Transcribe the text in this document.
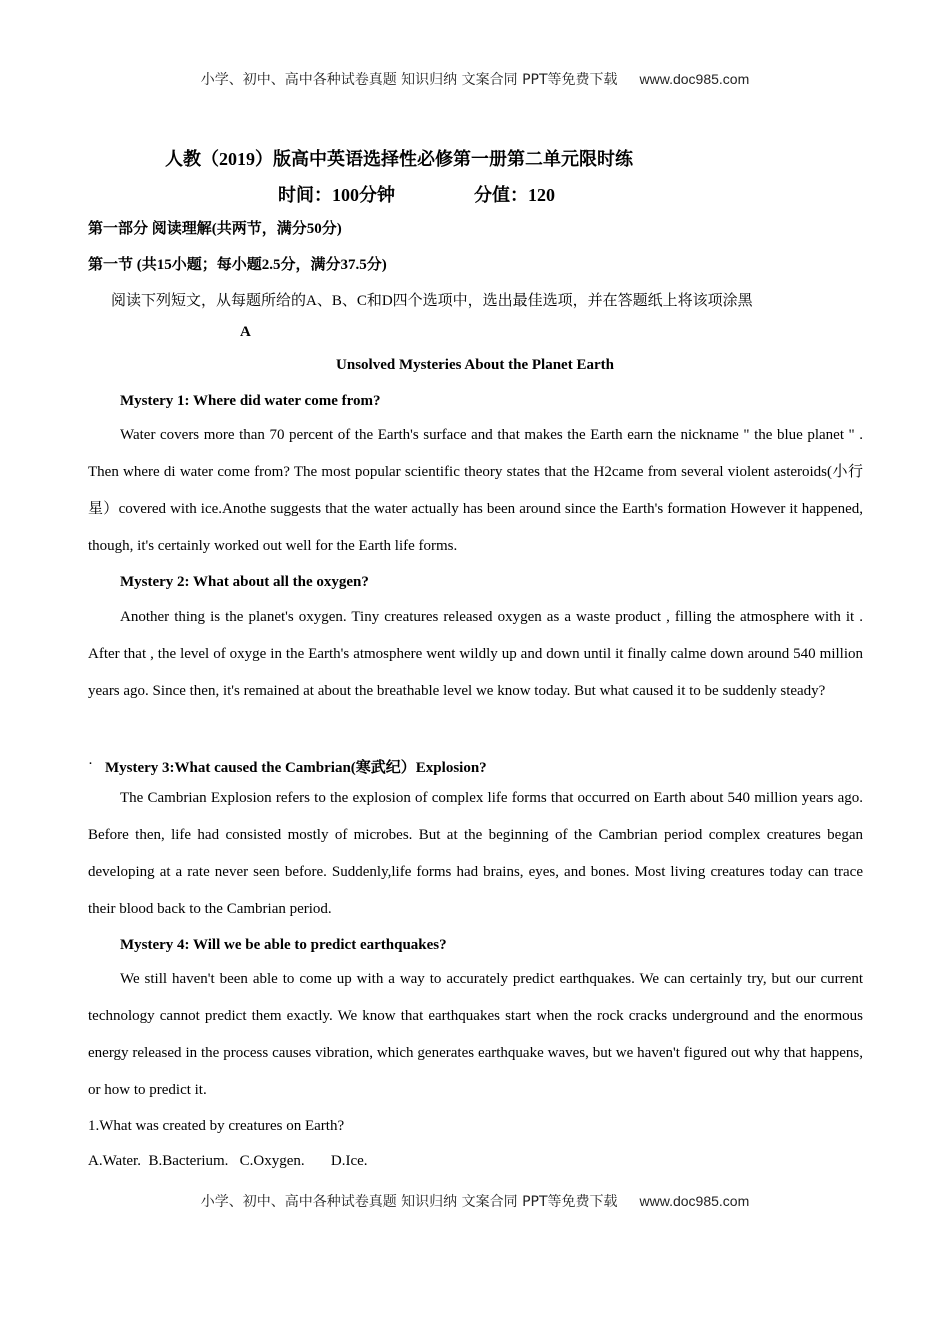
小学、初中、高中各种试卷真题 知识归纳 文案合同 PPT等免费下载 www.doc985.com
人教（2019）版高中英语选择性必修第一册第二单元限时练
时间：100分钟	分值：120
第一部分 阅读理解(共两节，满分50分)
第一节 (共15小题；每小题2.5分，满分37.5分)
阅读下列短文，从每题所给的A、B、C和D四个选项中，选出最佳选项，并在答题纸上将该项涂黑
A
Unsolved Mysteries About the Planet Earth
Mystery 1: Where did water come from?
Water covers more than 70 percent of the Earth's surface and that makes the Earth earn the nickname " the blue planet " . Then where di water come from? The most popular scientific theory states that the H2came from several violent asteroids(小行星）covered with ice.Anothe suggests that the water actually has been around since the Earth's formation However it happened, though, it's certainly worked out well for the Earth life forms.
Mystery 2: What about all the oxygen?
Another thing is the planet's oxygen. Tiny creatures released oxygen as a waste product , filling the atmosphere with it . After that , the level of oxyge in the Earth's atmosphere went wildly up and down until it finally calme down around 540 million years ago. Since then, it's remained at about the breathable level we know today. But what caused it to be suddenly steady?
· Mystery 3:What caused the Cambrian(寒武纪）Explosion?
The Cambrian Explosion refers to the explosion of complex life forms that occurred on Earth about 540 million years ago. Before then, life had consisted mostly of microbes. But at the beginning of the Cambrian period complex creatures began developing at a rate never seen before. Suddenly,life forms had brains, eyes, and bones. Most living creatures today can trace their blood back to the Cambrian period.
Mystery 4: Will we be able to predict earthquakes?
We still haven't been able to come up with a way to accurately predict earthquakes. We can certainly try, but our current technology cannot predict them exactly. We know that earthquakes start when the rock cracks underground and the enormous energy released in the process causes vibration, which generates earthquake waves, but we haven't figured out why that happens, or how to predict it.
1.What was created by creatures on Earth?
A.Water.  B.Bacterium.   C.Oxygen.       D.Ice.
小学、初中、高中各种试卷真题 知识归纳 文案合同 PPT等免费下载 www.doc985.com
